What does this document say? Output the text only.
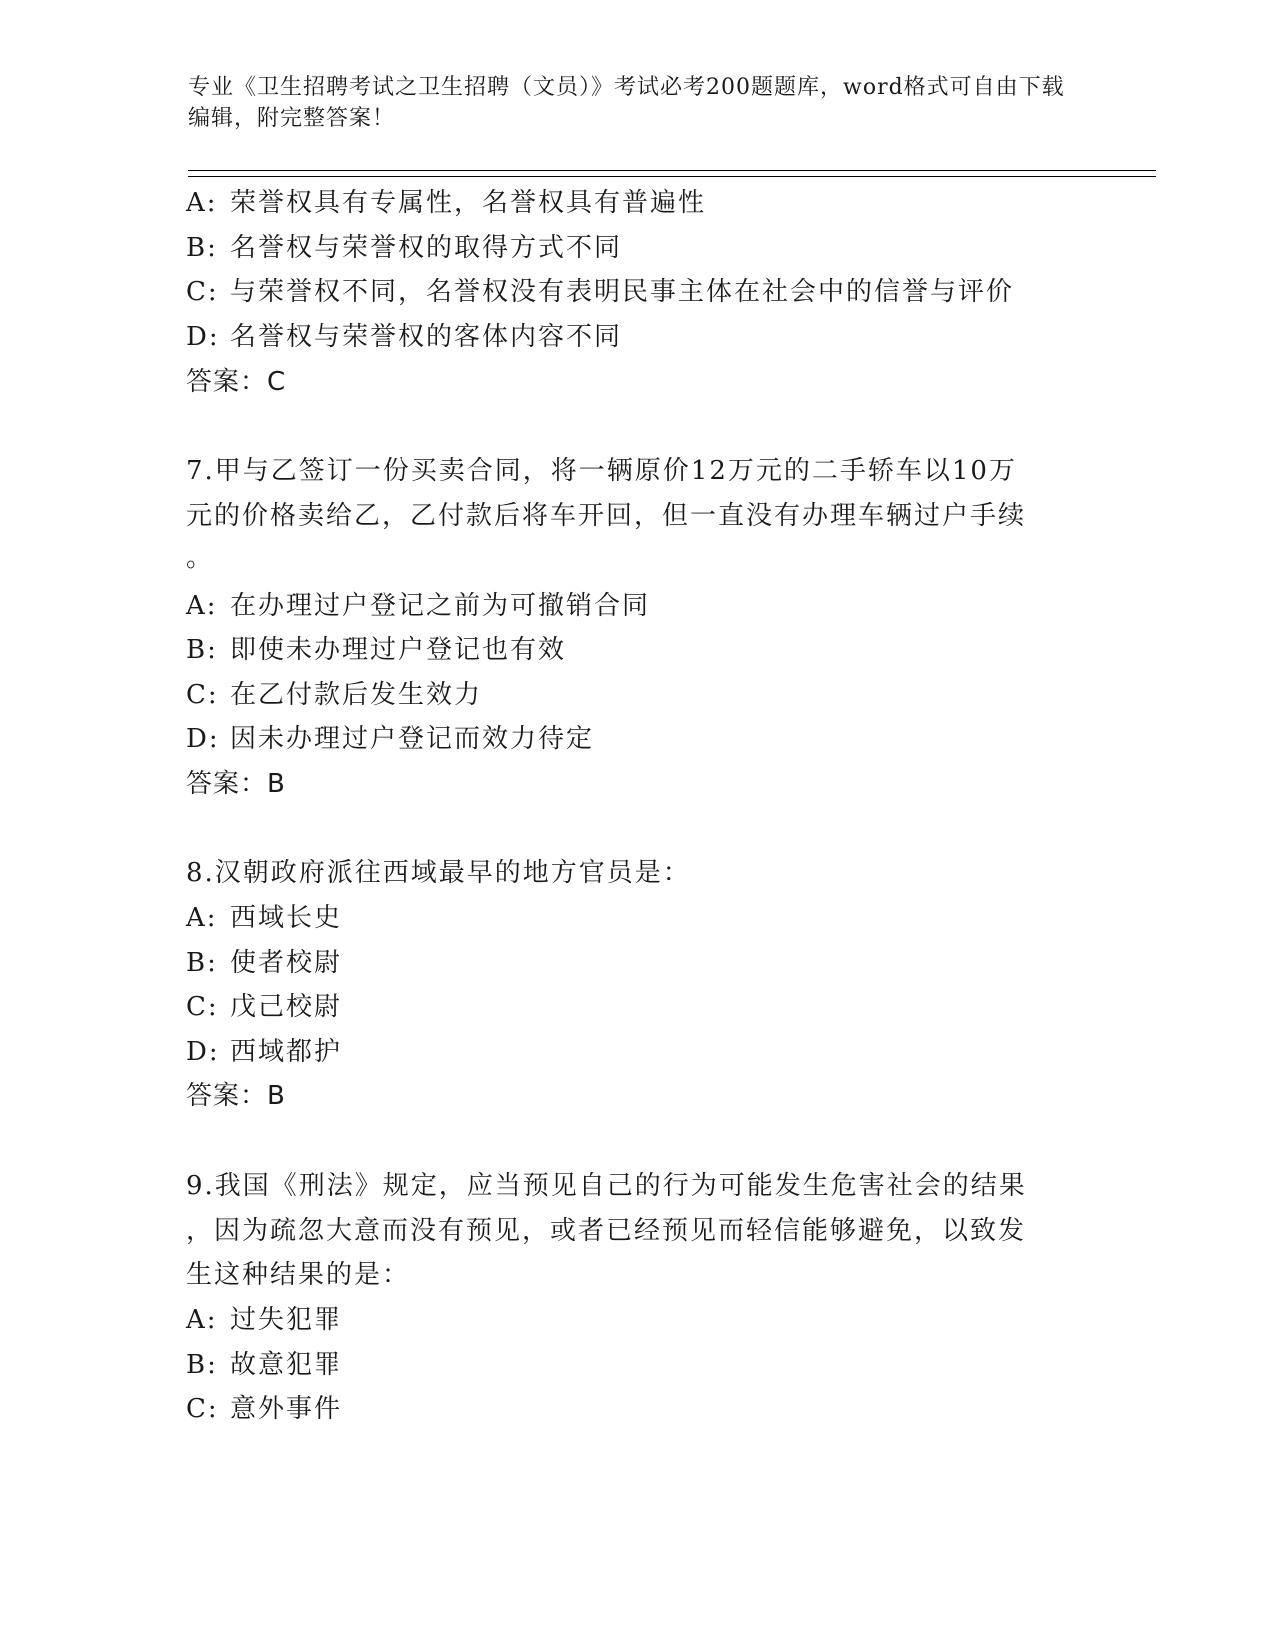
专业《卫生招聘考试之卫生招聘（文员）》考试必考200题题库，word格式可自由下载编辑，附完整答案！
A: 荣誉权具有专属性，名誉权具有普遍性
B: 名誉权与荣誉权的取得方式不同
C: 与荣誉权不同，名誉权没有表明民事主体在社会中的信誉与评价
D: 名誉权与荣誉权的客体内容不同
答案：C
7.甲与乙签订一份买卖合同，将一辆原价12万元的二手轿车以10万
元的价格卖给乙，乙付款后将车开回，但一直没有办理车辆过户手续
。
A: 在办理过户登记之前为可撤销合同
B: 即使未办理过户登记也有效
C: 在乙付款后发生效力
D: 因未办理过户登记而效力待定
答案：B
8.汉朝政府派往西域最早的地方官员是：
A: 西域长史
B: 使者校尉
C: 戊己校尉
D: 西域都护
答案：B
9.我国《刑法》规定，应当预见自己的行为可能发生危害社会的结果
，因为疏忽大意而没有预见，或者已经预见而轻信能够避免，以致发
生这种结果的是：
A: 过失犯罪
B: 故意犯罪
C: 意外事件
